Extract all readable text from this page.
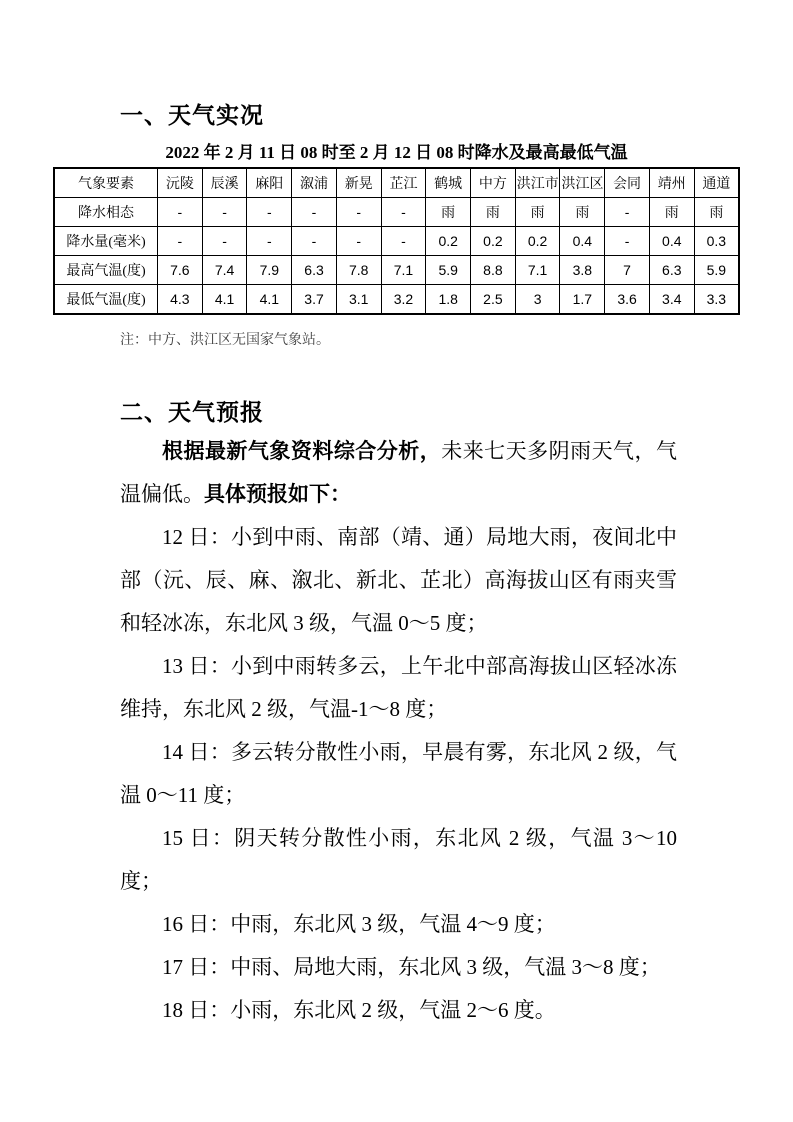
一、天气实况
2022 年 2 月 11 日 08 时至 2 月 12 日 08 时降水及最高最低气温
气象要素	沅陵	辰溪	麻阳	溆浦	新晃	芷江	鹤城	中方	洪江市	洪江区	会同	靖州	通道
降水相态	-	-	-	-	-	-	雨	雨	雨	雨	-	雨	雨
降水量(毫米)	-	-	-	-	-	-	0.2	0.2	0.2	0.4	-	0.4	0.3
最高气温(度)	7.6	7.4	7.9	6.3	7.8	7.1	5.9	8.8	7.1	3.8	7	6.3	5.9
最低气温(度)	4.3	4.1	4.1	3.7	3.1	3.2	1.8	2.5	3	1.7	3.6	3.4	3.3
注：中方、洪江区无国家气象站。
二、天气预报

根据最新气象资料综合分析，未来七天多阴雨天气，气温偏低。具体预报如下：

12 日：小到中雨、南部（靖、通）局地大雨，夜间北中部（沅、辰、麻、溆北、新北、芷北）高海拔山区有雨夹雪和轻冰冻，东北风 3 级，气温 0～5 度；

13 日：小到中雨转多云，上午北中部高海拔山区轻冰冻维持，东北风 2 级，气温-1～8 度；

14 日：多云转分散性小雨，早晨有雾，东北风 2 级，气温 0～11 度；

15 日：阴天转分散性小雨，东北风 2 级，气温 3～10 度；

16 日：中雨，东北风 3 级，气温 4～9 度；

17 日：中雨、局地大雨，东北风 3 级，气温 3～8 度；

18 日：小雨，东北风 2 级，气温 2～6 度。
